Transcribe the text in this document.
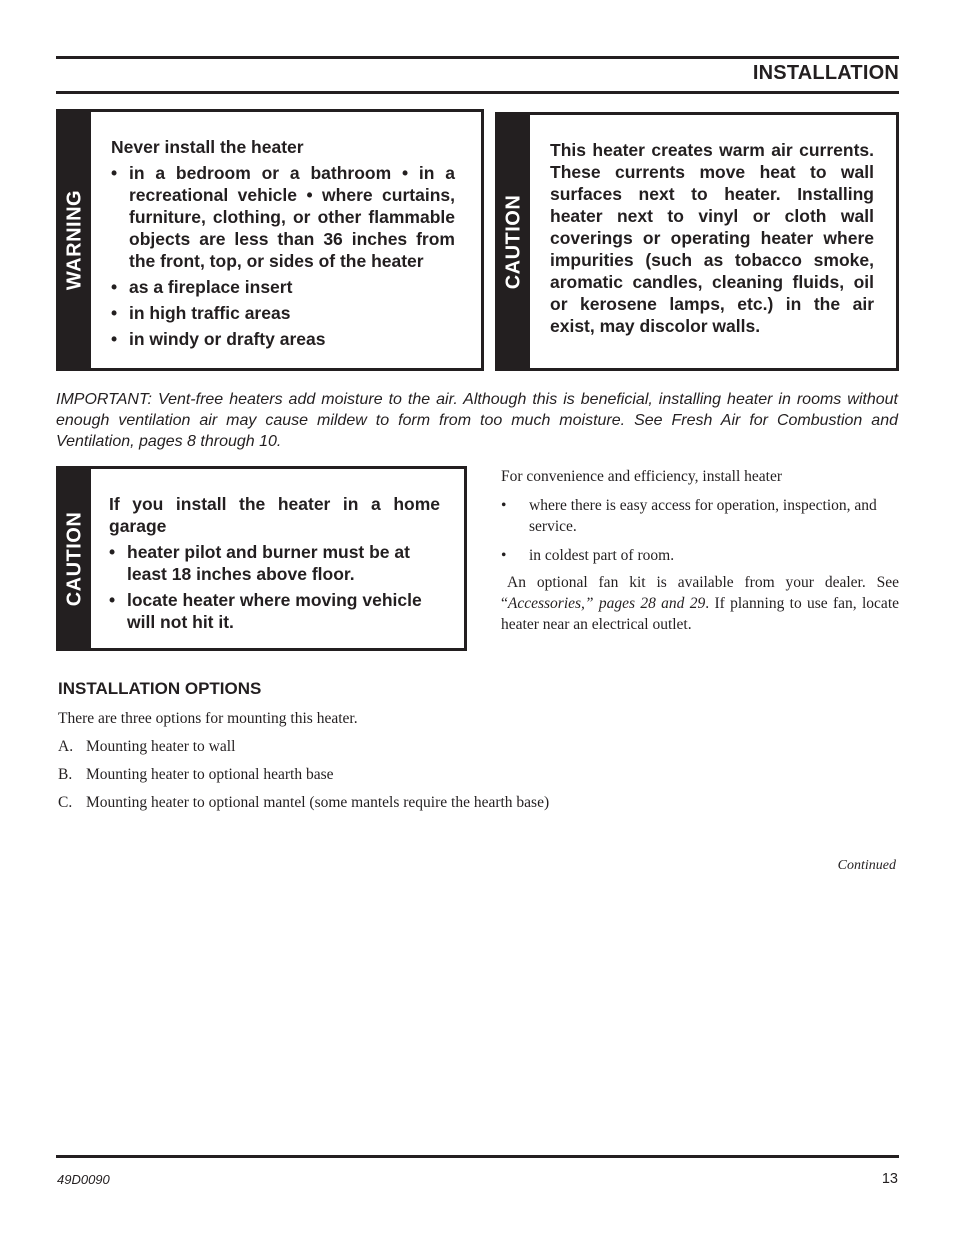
INSTALLATION
WARNING
Never install the heater
• in a bedroom or a bathroom • in a recreational vehicle • where curtains, furniture, clothing, or other flammable objects are less than 36 inches from the front, top, or sides of the heater
• as a fireplace insert
• in high traffic areas
• in windy or drafty areas
CAUTION
This heater creates warm air currents. These currents move heat to wall surfaces next to heater. Installing heater next to vinyl or cloth wall coverings or operating heater where impurities (such as tobacco smoke, aromatic candles, cleaning fluids, oil or kerosene lamps, etc.) in the air exist, may discolor walls.
IMPORTANT: Vent-free heaters add moisture to the air. Although this is beneficial, installing heater in rooms without enough ventilation air may cause mildew to form from too much moisture. See Fresh Air for Combustion and Ventilation, pages 8 through 10.
CAUTION
If you install the heater in a home garage
• heater pilot and burner must be at least 18 inches above floor.
• locate heater where moving vehicle will not hit it.

For convenience and efficiency, install heater

• where there is easy access for operation, inspection, and service.
• in coldest part of room.

An optional fan kit is available from your dealer. See “Accessories,” pages 28 and 29. If planning to use fan, locate heater near an electrical outlet.

INSTALLATION OPTIONS

There are three options for mounting this heater.

A. Mounting heater to wall
B. Mounting heater to optional hearth base
C. Mounting heater to optional mantel (some mantels require the hearth base)
Continued
49D0090	13
